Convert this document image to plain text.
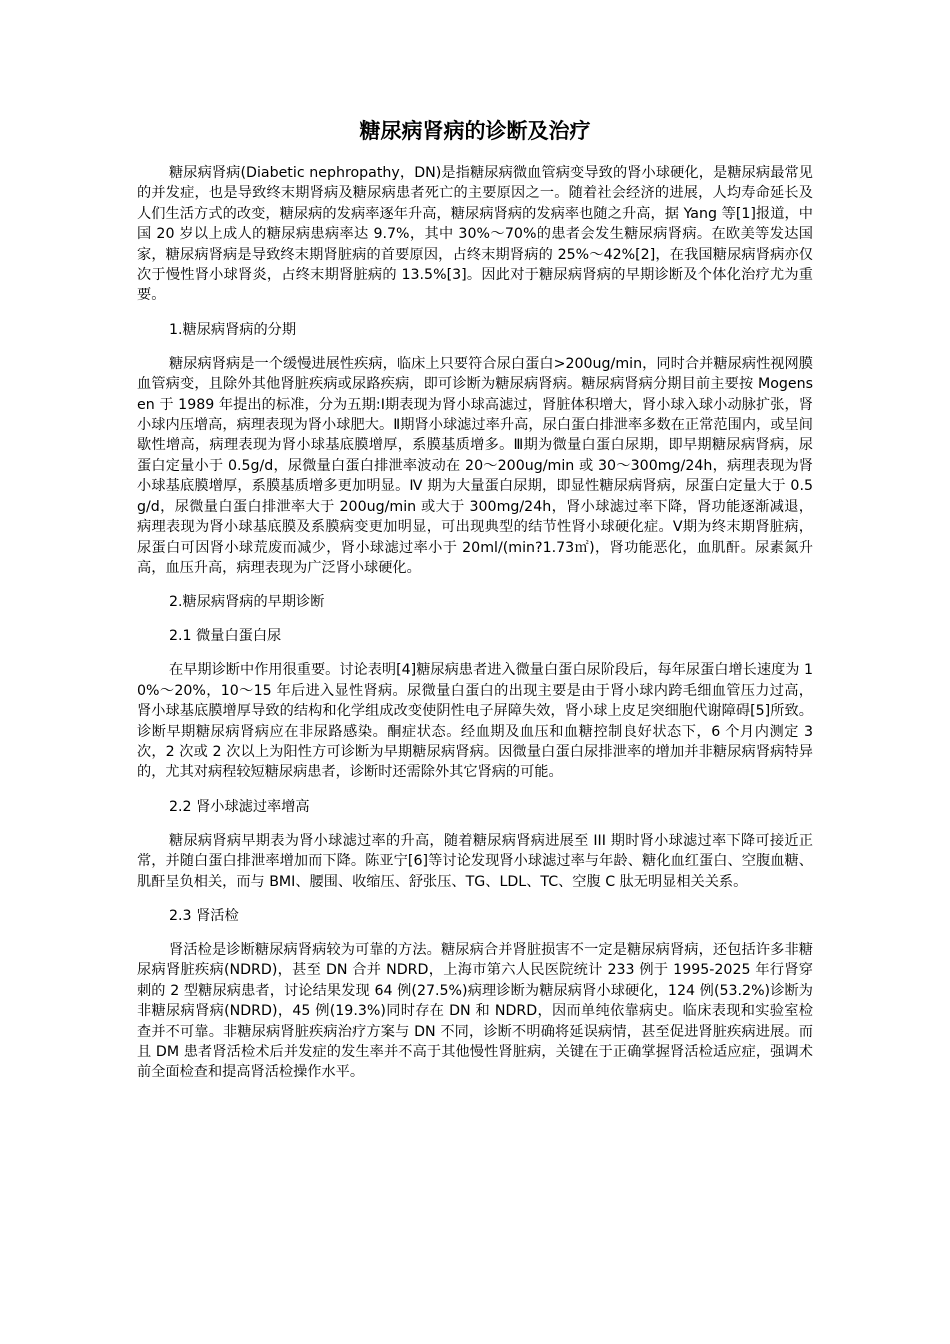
糖尿病肾病的诊断及治疗

糖尿病肾病(Diabetic nephropathy，DN)是指糖尿病微血管病变导致的肾小球硬化，是糖尿病最常见的并发症，也是导致终末期肾病及糖尿病患者死亡的主要原因之一。随着社会经济的进展，人均寿命延长及人们生活方式的改变，糖尿病的发病率逐年升高，糖尿病肾病的发病率也随之升高，据 Yang 等[1]报道，中国 20 岁以上成人的糖尿病患病率达 9.7%，其中 30%～70%的患者会发生糖尿病肾病。在欧美等发达国家，糖尿病肾病是导致终末期肾脏病的首要原因，占终末期肾病的 25%～42%[2]，在我国糖尿病肾病亦仅次于慢性肾小球肾炎，占终末期肾脏病的 13.5%[3]。因此对于糖尿病肾病的早期诊断及个体化治疗尤为重要。

1.糖尿病肾病的分期

糖尿病肾病是一个缓慢进展性疾病，临床上只要符合尿白蛋白>200ug/min，同时合并糖尿病性视网膜血管病变，且除外其他肾脏疾病或尿路疾病，即可诊断为糖尿病肾病。糖尿病肾病分期目前主要按 Mogensen 于 1989 年提出的标准，分为五期:Ⅰ期表现为肾小球高滤过，肾脏体积增大，肾小球入球小动脉扩张，肾小球内压增高，病理表现为肾小球肥大。Ⅱ期肾小球滤过率升高，尿白蛋白排泄率多数在正常范围内，或呈间歇性增高，病理表现为肾小球基底膜增厚，系膜基质增多。Ⅲ期为微量白蛋白尿期，即早期糖尿病肾病，尿蛋白定量小于 0.5g/d，尿微量白蛋白排泄率波动在 20～200ug/min 或 30～300mg/24h，病理表现为肾小球基底膜增厚，系膜基质增多更加明显。Ⅳ 期为大量蛋白尿期，即显性糖尿病肾病，尿蛋白定量大于 0.5g/d，尿微量白蛋白排泄率大于 200ug/min 或大于 300mg/24h，肾小球滤过率下降，肾功能逐渐减退，病理表现为肾小球基底膜及系膜病变更加明显，可出现典型的结节性肾小球硬化症。Ⅴ期为终末期肾脏病，尿蛋白可因肾小球荒废而减少，肾小球滤过率小于 20ml/(min?1.73㎡)，肾功能恶化，血肌酐。尿素氮升高，血压升高，病理表现为广泛肾小球硬化。

2.糖尿病肾病的早期诊断
2.1 微量白蛋白尿

在早期诊断中作用很重要。讨论表明[4]糖尿病患者进入微量白蛋白尿阶段后，每年尿蛋白增长速度为 10%～20%，10～15 年后进入显性肾病。尿微量白蛋白的出现主要是由于肾小球内跨毛细血管压力过高，肾小球基底膜增厚导致的结构和化学组成改变使阴性电子屏障失效，肾小球上皮足突细胞代谢障碍[5]所致。诊断早期糖尿病肾病应在非尿路感染。酮症状态。经血期及血压和血糖控制良好状态下，6 个月内测定 3 次，2 次或 2 次以上为阳性方可诊断为早期糖尿病肾病。因微量白蛋白尿排泄率的增加并非糖尿病肾病特异的，尤其对病程较短糖尿病患者，诊断时还需除外其它肾病的可能。

2.2 肾小球滤过率增高

糖尿病肾病早期表为肾小球滤过率的升高，随着糖尿病肾病进展至 III 期时肾小球滤过率下降可接近正常，并随白蛋白排泄率增加而下降。陈亚宁[6]等讨论发现肾小球滤过率与年龄、糖化血红蛋白、空腹血糖、肌酐呈负相关，而与 BMI、腰围、收缩压、舒张压、TG、LDL、TC、空腹 C 肽无明显相关关系。

2.3 肾活检

肾活检是诊断糖尿病肾病较为可靠的方法。糖尿病合并肾脏损害不一定是糖尿病肾病，还包括许多非糖尿病肾脏疾病(NDRD)，甚至 DN 合并 NDRD，上海市第六人民医院统计 233 例于 1995-2025 年行肾穿刺的 2 型糖尿病患者，讨论结果发现 64 例(27.5%)病理诊断为糖尿病肾小球硬化，124 例(53.2%)诊断为非糖尿病肾病(NDRD)，45 例(19.3%)同时存在 DN 和 NDRD，因而单纯依靠病史。临床表现和实验室检查并不可靠。非糖尿病肾脏疾病治疗方案与 DN 不同，诊断不明确将延误病情，甚至促进肾脏疾病进展。而且 DM 患者肾活检术后并发症的发生率并不高于其他慢性肾脏病，关键在于正确掌握肾活检适应症，强调术前全面检查和提高肾活检操作水平。
